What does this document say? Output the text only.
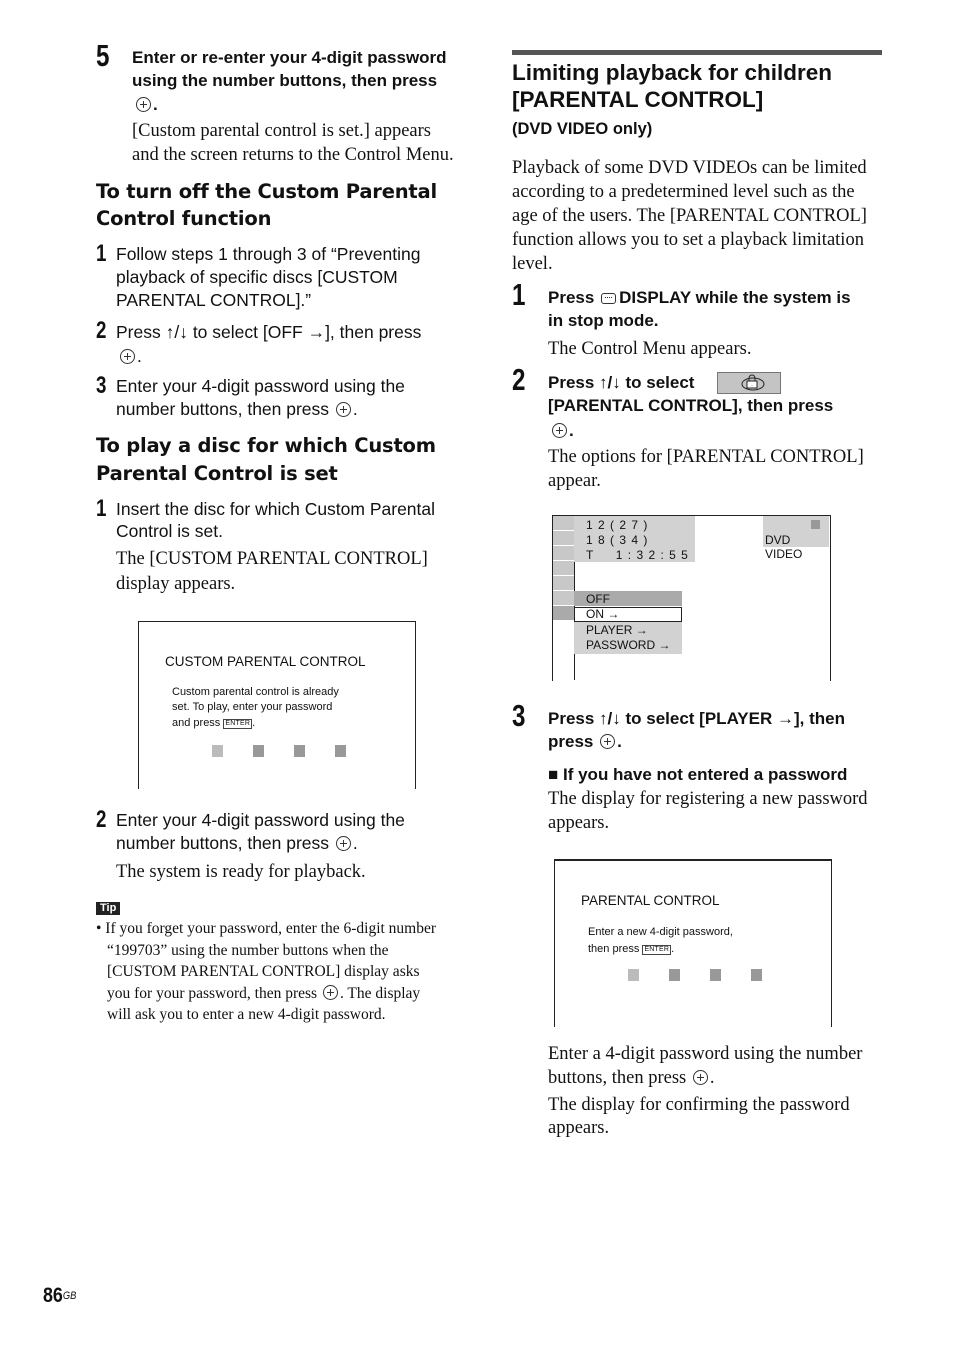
5 Enter or re-enter your 4-digit password
using the number buttons, then press
.
[Custom parental control is set.] appears
and the screen returns to the Control Menu.
To turn off the Custom Parental
Control function
1 Follow steps 1 through 3 of “Preventing
playback of specific discs [CUSTOM
PARENTAL CONTROL].”
2 Press ↑/↓ to select [OFF →], then press
.
3 Enter your 4-digit password using the
number buttons, then press .
To play a disc for which Custom
Parental Control is set
1 Insert the disc for which Custom Parental
Control is set.
The [CUSTOM PARENTAL CONTROL]
display appears.
CUSTOM PARENTAL CONTROL
Custom parental control is already
set. To play, enter your password
and press ENTER .
2 Enter your 4-digit password using the
number buttons, then press .
The system is ready for playback.
Tip
• If you forget your password, enter the 6-digit number
“199703” using the number buttons when the
[CUSTOM PARENTAL CONTROL] display asks
you for your password, then press . The display
will ask you to enter a new 4-digit password.
Limiting playback for children
[PARENTAL CONTROL]
(DVD VIDEO only)
Playback of some DVD VIDEOs can be limited
according to a predetermined level such as the
age of the users. The [PARENTAL CONTROL]
function allows you to set a playback limitation
level.
1 Press DISPLAY while the system is
in stop mode.
The Control Menu appears.
2 Press ↑/↓ to select	·
[PARENTAL CONTROL], then press
.
The options for [PARENTAL CONTROL]
appear.
1 2 ( 2 7 )
1 8 ( 3 4 )
T     1 : 3 2 : 5 5
DVD VIDEO
OFF
ON →
PLAYER →
PASSWORD →
3 Press ↑/↓ to select [PLAYER →], then
press .
■ If you have not entered a password
The display for registering a new password
appears.
PARENTAL CONTROL
Enter a new 4-digit password,
then press ENTER .
Enter a 4-digit password using the number
buttons, then press .
The display for confirming the password
appears.
$86^{GB}$
